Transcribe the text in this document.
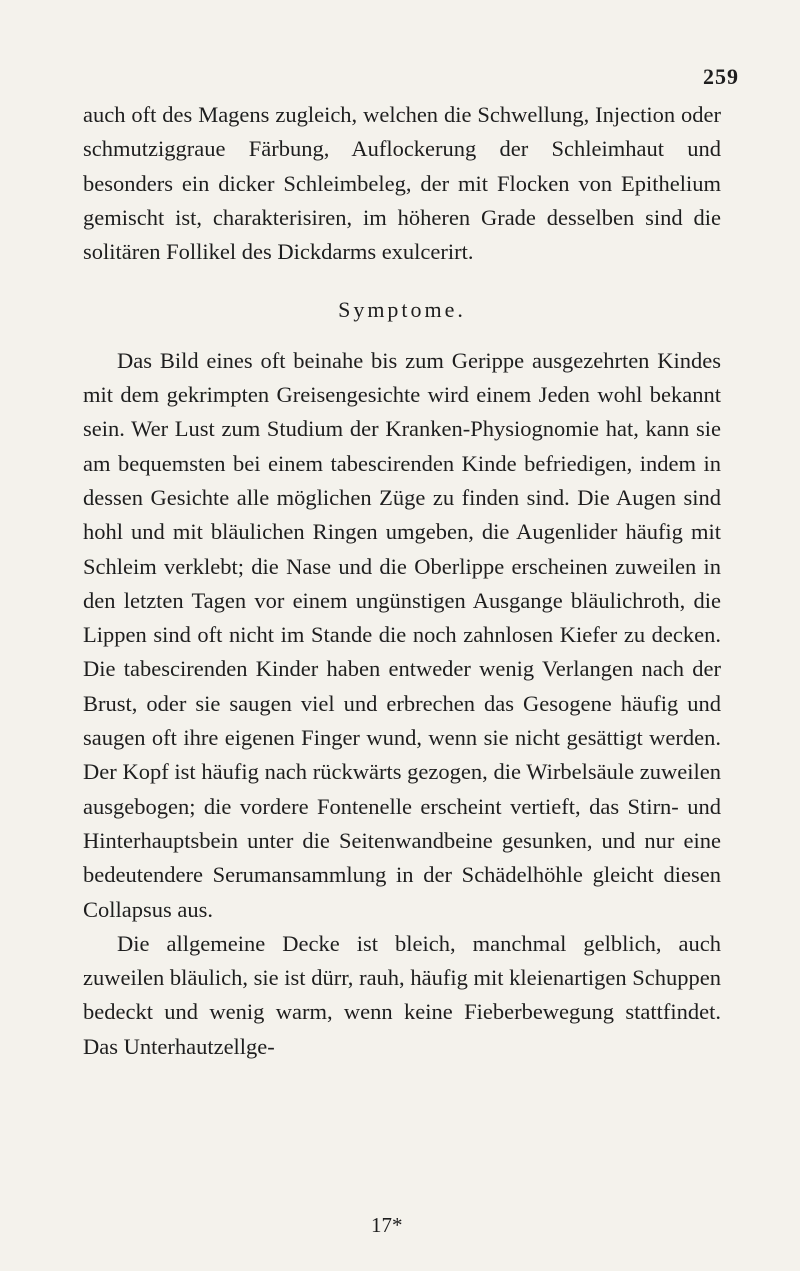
259

auch oft des Magens zugleich, welchen die Schwellung, Injection oder schmutziggraue Färbung, Auflockerung der Schleimhaut und besonders ein dicker Schleimbeleg, der mit Flocken von Epithelium gemischt ist, charakterisiren, im höheren Grade desselben sind die solitären Follikel des Dickdarms exulcerirt.

Symptome.

Das Bild eines oft beinahe bis zum Gerippe ausgezehrten Kindes mit dem gekrimpten Greisengesichte wird einem Jeden wohl bekannt sein. Wer Lust zum Studium der Kranken-Physiognomie hat, kann sie am bequemsten bei einem tabescirenden Kinde befriedigen, indem in dessen Gesichte alle möglichen Züge zu finden sind. Die Augen sind hohl und mit bläulichen Ringen umgeben, die Augenlider häufig mit Schleim verklebt; die Nase und die Oberlippe erscheinen zuweilen in den letzten Tagen vor einem ungünstigen Ausgange bläulichroth, die Lippen sind oft nicht im Stande die noch zahnlosen Kiefer zu decken. Die tabescirenden Kinder haben entweder wenig Verlangen nach der Brust, oder sie saugen viel und erbrechen das Gesogene häufig und saugen oft ihre eigenen Finger wund, wenn sie nicht gesättigt werden. Der Kopf ist häufig nach rückwärts gezogen, die Wirbelsäule zuweilen ausgebogen; die vordere Fontenelle erscheint vertieft, das Stirn- und Hinterhauptsbein unter die Seitenwandbeine gesunken, und nur eine bedeutendere Serumansammlung in der Schädelhöhle gleicht diesen Collapsus aus.

Die allgemeine Decke ist bleich, manchmal gelblich, auch zuweilen bläulich, sie ist dürr, rauh, häufig mit kleienartigen Schuppen bedeckt und wenig warm, wenn keine Fieberbewegung stattfindet. Das Unterhautzellge-

17*
